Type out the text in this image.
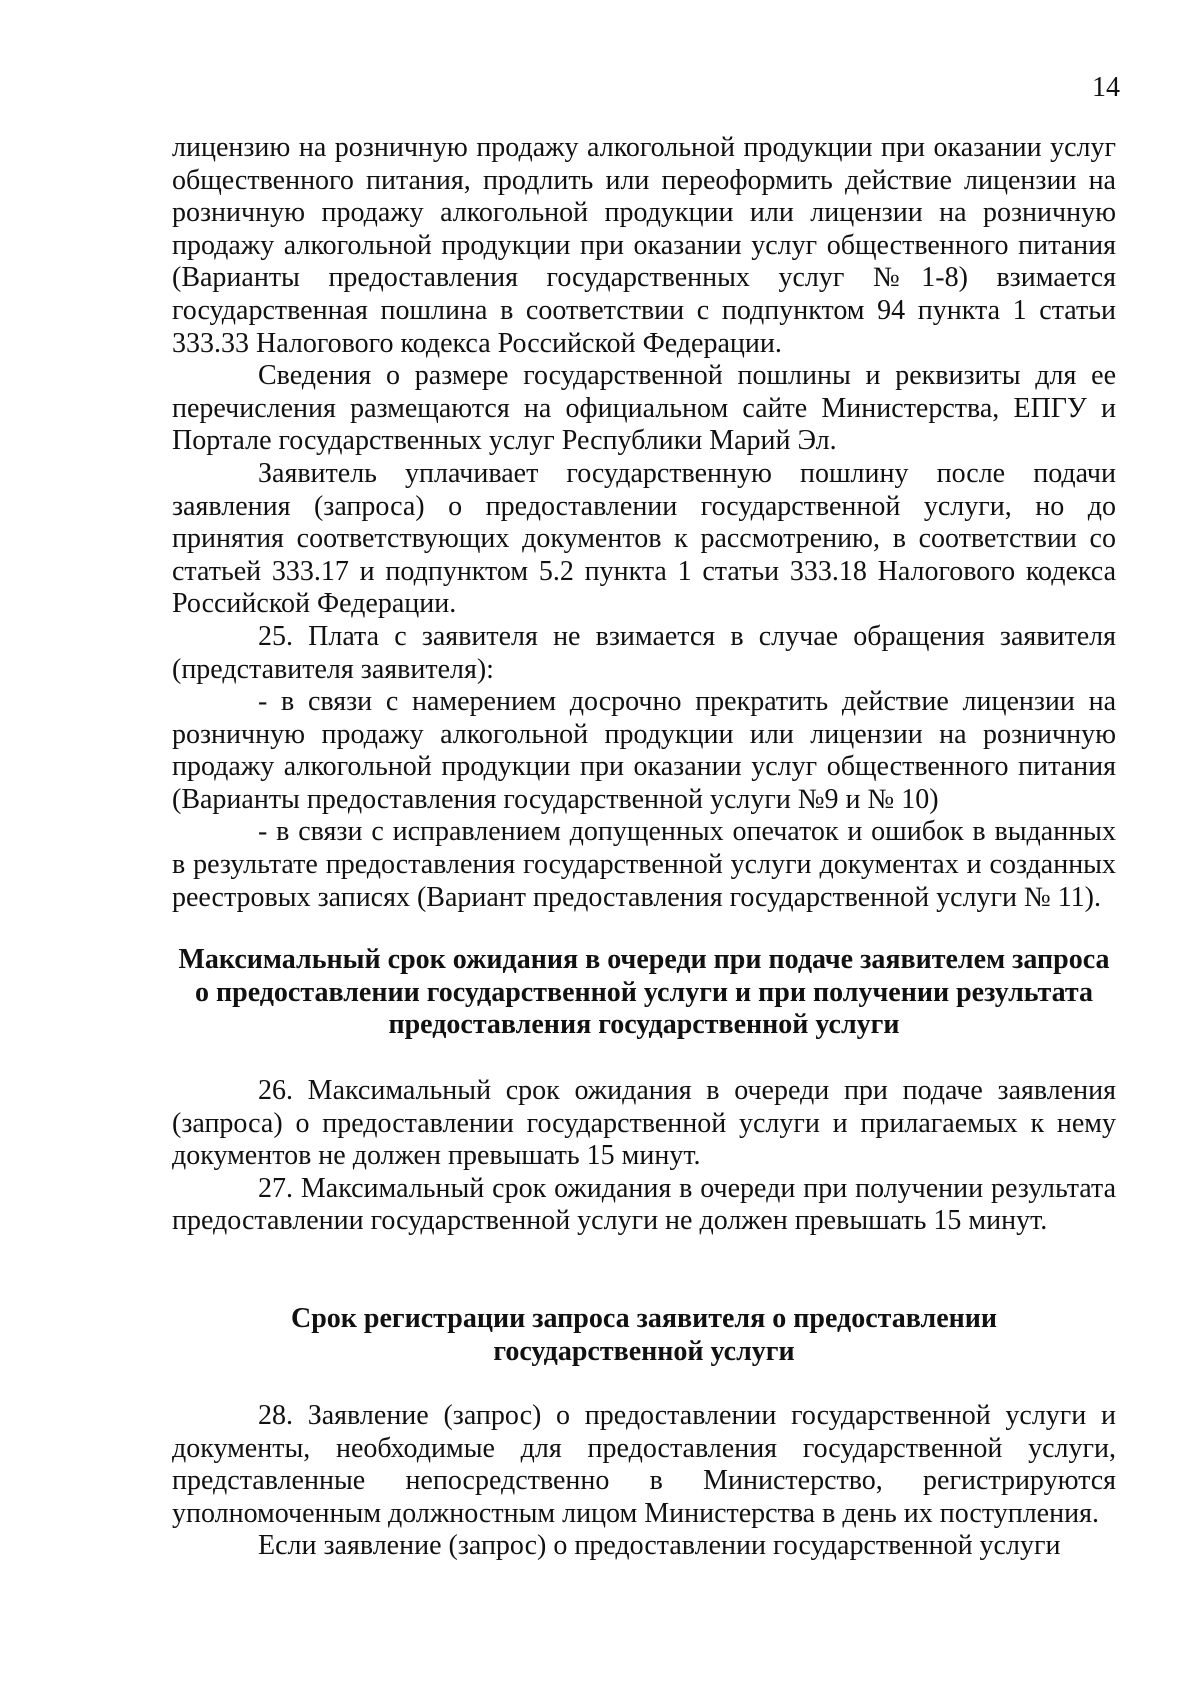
14

лицензию на розничную продажу алкогольной продукции при оказании услуг общественного питания, продлить или переоформить действие лицензии на розничную продажу алкогольной продукции или лицензии на розничную продажу алкогольной продукции при оказании услуг общественного питания (Варианты предоставления государственных услуг №1-8) взимается государственная пошлина в соответствии с подпунктом 94 пункта 1 статьи 333.33 Налогового кодекса Российской Федерации.

Сведения о размере государственной пошлины и реквизиты для ее перечисления размещаются на официальном сайте Министерства, ЕПГУ и Портале государственных услуг Республики Марий Эл.

Заявитель уплачивает государственную пошлину после подачи заявления (запроса) о предоставлении государственной услуги, но до принятия соответствующих документов к рассмотрению, в соответствии со статьей 333.17 и подпунктом 5.2 пункта 1 статьи 333.18 Налогового кодекса Российской Федерации.

25. Плата с заявителя не взимается в случае обращения заявителя (представителя заявителя):

- в связи с намерением досрочно прекратить действие лицензии на розничную продажу алкогольной продукции или лицензии на розничную продажу алкогольной продукции при оказании услуг общественного питания (Варианты предоставления государственной услуги №9 и № 10)

- в связи с исправлением допущенных опечаток и ошибок в выданных в результате предоставления государственной услуги документах и созданных реестровых записях (Вариант предоставления государственной услуги № 11).

Максимальный срок ожидания в очереди при подаче заявителем запроса
о предоставлении государственной услуги и при получении результата
предоставления государственной услуги

26. Максимальный срок ожидания в очереди при подаче заявления (запроса) о предоставлении государственной услуги и прилагаемых к нему документов не должен превышать 15 минут.

27. Максимальный срок ожидания в очереди при получении результата предоставлении государственной услуги не должен превышать 15 минут.

Срок регистрации запроса заявителя о предоставлении
государственной услуги

28. Заявление (запрос) о предоставлении государственной услуги и документы, необходимые для предоставления государственной услуги, представленные непосредственно в Министерство, регистрируются уполномоченным должностным лицом Министерства в день их поступления.

Если заявление (запрос) о предоставлении государственной услуги
